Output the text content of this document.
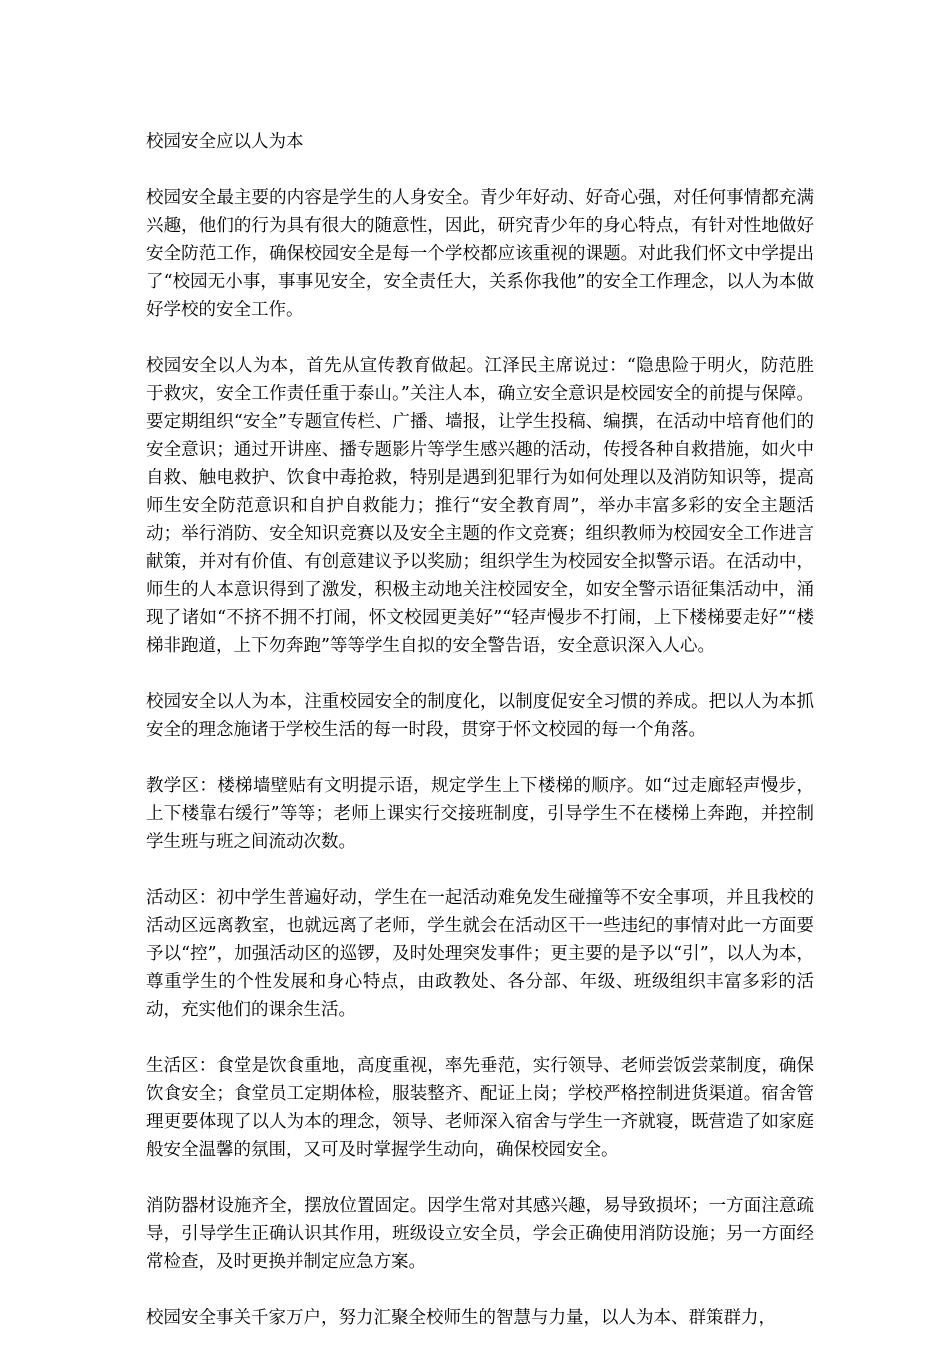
校园安全应以人为本

校园安全最主要的内容是学生的人身安全。青少年好动、好奇心强，对任何事情都充满兴趣，他们的行为具有很大的随意性，因此，研究青少年的身心特点，有针对性地做好安全防范工作，确保校园安全是每一个学校都应该重视的课题。对此我们怀文中学提出了“校园无小事，事事见安全，安全责任大，关系你我他”的安全工作理念，以人为本做好学校的安全工作。

校园安全以人为本，首先从宣传教育做起。江泽民主席说过：“隐患险于明火，防范胜于救灾，安全工作责任重于泰山。”关注人本，确立安全意识是校园安全的前提与保障。要定期组织“安全”专题宣传栏、广播、墙报，让学生投稿、编撰，在活动中培育他们的安全意识；通过开讲座、播专题影片等学生感兴趣的活动，传授各种自救措施，如火中自救、触电救护、饮食中毒抢救，特别是遇到犯罪行为如何处理以及消防知识等，提高师生安全防范意识和自护自救能力；推行“安全教育周”，举办丰富多彩的安全主题活动；举行消防、安全知识竞赛以及安全主题的作文竞赛；组织教师为校园安全工作进言献策，并对有价值、有创意建议予以奖励；组织学生为校园安全拟警示语。在活动中，师生的人本意识得到了激发，积极主动地关注校园安全，如安全警示语征集活动中，涌现了诸如“不挤不拥不打闹，怀文校园更美好”“轻声慢步不打闹，上下楼梯要走好”“楼梯非跑道，上下勿奔跑”等等学生自拟的安全警告语，安全意识深入人心。

校园安全以人为本，注重校园安全的制度化，以制度促安全习惯的养成。把以人为本抓安全的理念施诸于学校生活的每一时段，贯穿于怀文校园的每一个角落。

教学区：楼梯墙壁贴有文明提示语，规定学生上下楼梯的顺序。如“过走廊轻声慢步，上下楼靠右缓行”等等；老师上课实行交接班制度，引导学生不在楼梯上奔跑，并控制学生班与班之间流动次数。

活动区：初中学生普遍好动，学生在一起活动难免发生碰撞等不安全事项，并且我校的活动区远离教室，也就远离了老师，学生就会在活动区干一些违纪的事情对此一方面要予以“控”，加强活动区的巡锣，及时处理突发事件；更主要的是予以“引”，以人为本，尊重学生的个性发展和身心特点，由政教处、各分部、年级、班级组织丰富多彩的活动，充实他们的课余生活。

生活区：食堂是饮食重地，高度重视，率先垂范，实行领导、老师尝饭尝菜制度，确保饮食安全；食堂员工定期体检，服装整齐、配证上岗；学校严格控制进货渠道。宿舍管理更要体现了以人为本的理念，领导、老师深入宿舍与学生一齐就寝，既营造了如家庭般安全温馨的氛围，又可及时掌握学生动向，确保校园安全。

消防器材设施齐全，摆放位置固定。因学生常对其感兴趣，易导致损坏；一方面注意疏导，引导学生正确认识其作用，班级设立安全员，学会正确使用消防设施；另一方面经常检查，及时更换并制定应急方案。

校园安全事关千家万户，努力汇聚全校师生的智慧与力量，以人为本、群策群力，
